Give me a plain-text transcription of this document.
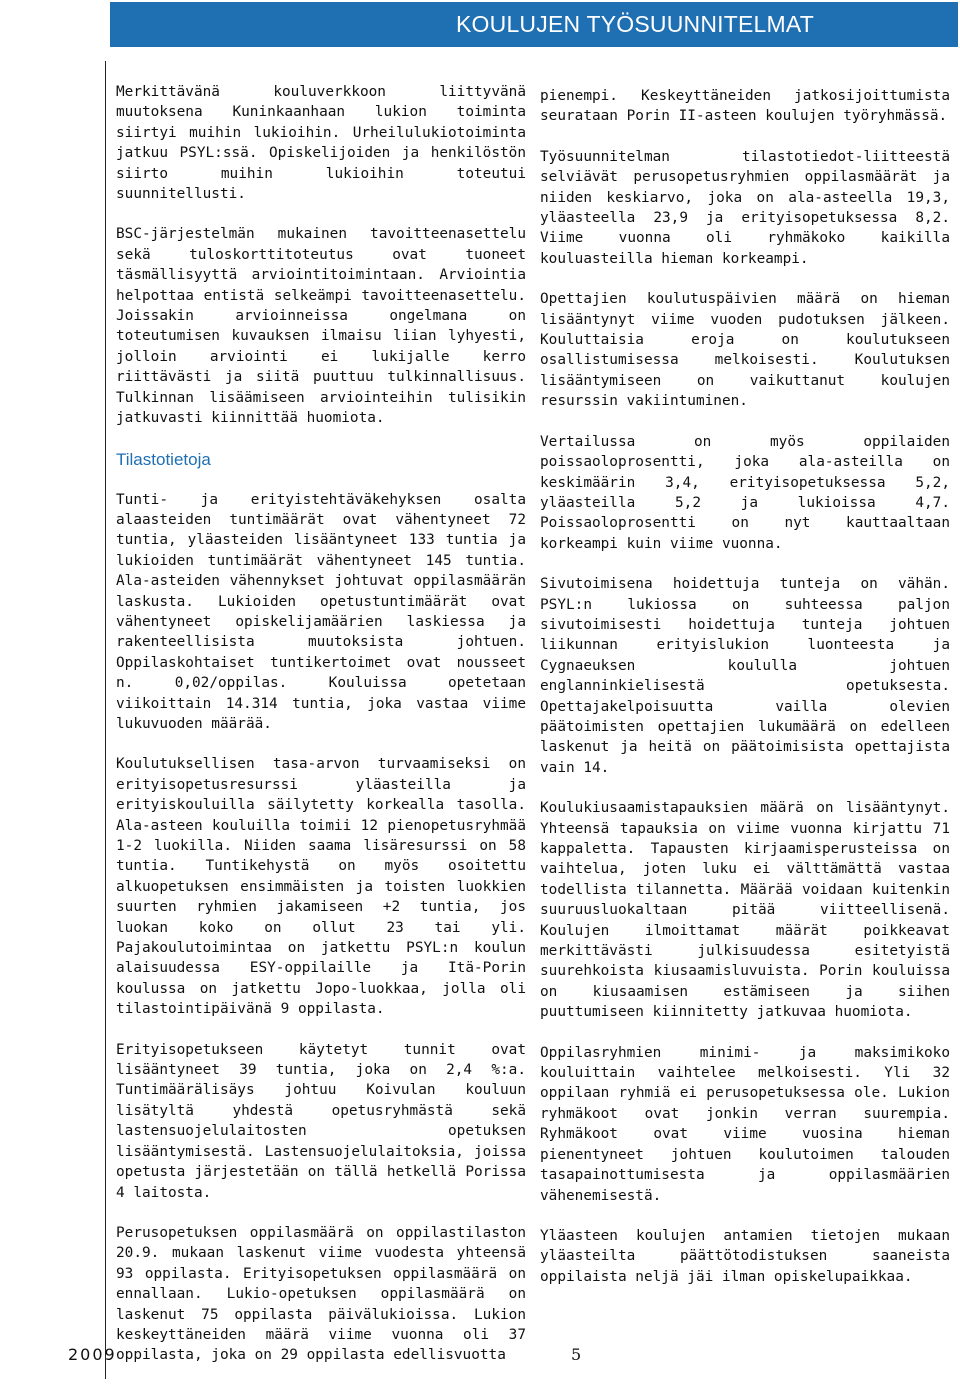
KOULUJEN TYÖSUUNNITELMAT

Merkittävänä kouluverkkoon liittyvänä muutoksena Kuninkaanhaan lukion toiminta siirtyi muihin lukioihin. Urheilulukiotoiminta jatkuu PSYL:ssä. Opiskelijoiden ja henkilöstön siirto muihin lukioihin toteutui suunnitellusti.

BSC-järjestelmän mukainen tavoitteenasettelu sekä tuloskorttitoteutus ovat tuoneet täsmällisyyttä arviointitoimintaan. Arviointia helpottaa entistä selkeämpi tavoitteenasettelu. Joissakin arvioinneissa ongelmana on toteutumisen kuvauksen ilmaisu liian lyhyesti, jolloin arviointi ei lukijalle kerro riittävästi ja siitä puuttuu tulkinnallisuus. Tulkinnan lisäämiseen arviointeihin tulisikin jatkuvasti kiinnittää huomiota.

Tilastotietoja

Tunti- ja erityistehtäväkehyksen osalta alaasteiden tuntimäärät ovat vähentyneet 72 tuntia, yläasteiden lisääntyneet 133 tuntia ja lukioiden tuntimäärät vähentyneet 145 tuntia. Ala-asteiden vähennykset johtuvat oppilasmäärän laskusta. Lukioiden opetustuntimäärät ovat vähentyneet opiskelijamäärien laskiessa ja rakenteellisista muutoksista johtuen. Oppilaskohtaiset tuntikertoimet ovat nousseet n. 0,02/oppilas. Kouluissa opetetaan viikoittain 14.314 tuntia, joka vastaa viime lukuvuoden määrää.

Koulutuksellisen tasa-arvon turvaamiseksi on erityisopetusresurssi yläasteilla ja erityiskouluilla säilytetty korkealla tasolla. Ala-asteen kouluilla toimii 12 pienopetusryhmää 1-2 luokilla. Niiden saama lisäresurssi on 58 tuntia. Tuntikehystä on myös osoitettu alkuopetuksen ensimmäisten ja toisten luokkien suurten ryhmien jakamiseen +2 tuntia, jos luokan koko on ollut 23 tai yli. Pajakoulutoimintaa on jatkettu PSYL:n koulun alaisuudessa ESY-oppilaille ja Itä-Porin koulussa on jatkettu Jopo-luokkaa, jolla oli tilastointipäivänä 9 oppilasta.

Erityisopetukseen käytetyt tunnit ovat lisääntyneet 39 tuntia, joka on 2,4 %:a. Tuntimäärälisäys johtuu Koivulan kouluun lisätyltä yhdestä opetusryhmästä sekä lastensuojelulaitosten opetuksen lisääntymisestä. Lastensuojelulaitoksia, joissa opetusta järjestetään on tällä hetkellä Porissa 4 laitosta.

Perusopetuksen oppilasmäärä on oppilastilaston 20.9. mukaan laskenut viime vuodesta yhteensä 93 oppilasta. Erityisopetuksen oppilasmäärä on ennallaan. Lukio-opetuksen oppilasmäärä on laskenut 75 oppilasta päivälukioissa. Lukion keskeyttäneiden määrä viime vuonna oli 37 oppilasta, joka on 29 oppilasta edellisvuotta

pienempi. Keskeyttäneiden jatkosijoittumista seurataan Porin II-asteen koulujen työryhmässä.

Työsuunnitelman tilastotiedot-liitteestä selviävät perusopetusryhmien oppilasmäärät ja niiden keskiarvo, joka on ala-asteella 19,3, yläasteella 23,9 ja erityisopetuksessa 8,2. Viime vuonna oli ryhmäkoko kaikilla kouluasteilla hieman korkeampi.

Opettajien koulutuspäivien määrä on hieman lisääntynyt viime vuoden pudotuksen jälkeen. Kouluttaisia eroja on koulutukseen osallistumisessa melkoisesti. Koulutuksen lisääntymiseen on vaikuttanut koulujen resurssin vakiintuminen.

Vertailussa on myös oppilaiden poissaoloprosentti, joka ala-asteilla on keskimäärin 3,4, erityisopetuksessa 5,2, yläasteilla 5,2 ja lukioissa 4,7. Poissaoloprosentti on nyt kauttaaltaan korkeampi kuin viime vuonna.

Sivutoimisena hoidettuja tunteja on vähän. PSYL:n lukiossa on suhteessa paljon sivutoimisesti hoidettuja tunteja johtuen liikunnan erityislukion luonteesta ja Cygnaeuksen koululla johtuen englanninkielisestä opetuksesta. Opettajakelpoisuutta vailla olevien päätoimisten opettajien lukumäärä on edelleen laskenut ja heitä on päätoimisista opettajista vain 14.

Koulukiusaamistapauksien määrä on lisääntynyt. Yhteensä tapauksia on viime vuonna kirjattu 71 kappaletta. Tapausten kirjaamisperusteissa on vaihtelua, joten luku ei välttämättä vastaa todellista tilannetta. Määrää voidaan kuitenkin suuruusluokaltaan pitää viitteellisenä. Koulujen ilmoittamat määrät poikkeavat merkittävästi julkisuudessa esitetyistä suurehkoista kiusaamisluvuista. Porin kouluissa on kiusaamisen estämiseen ja siihen puuttumiseen kiinnitetty jatkuvaa huomiota.

Oppilasryhmien minimi- ja maksimikoko kouluittain vaihtelee melkoisesti. Yli 32 oppilaan ryhmiä ei perusopetuksessa ole. Lukion ryhmäkoot ovat jonkin verran suurempia. Ryhmäkoot ovat viime vuosina hieman pienentyneet johtuen koulutoimen talouden tasapainottumisesta ja oppilasmäärien vähenemisestä.

Yläasteen koulujen antamien tietojen mukaan yläasteilta päättötodistuksen saaneista oppilaista neljä jäi ilman opiskelupaikkaa.

2009	5
